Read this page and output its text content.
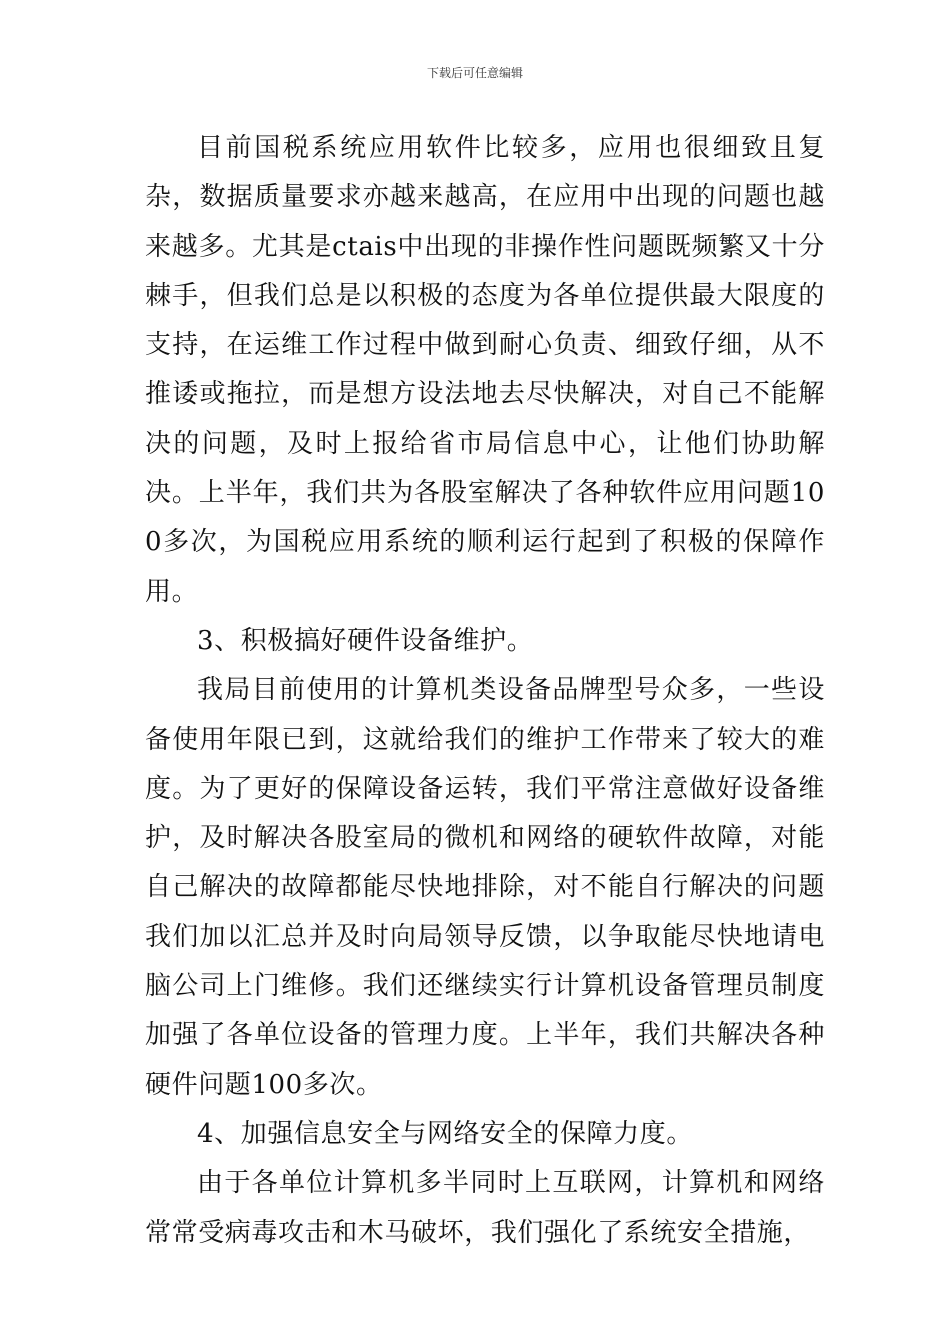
下载后可任意编辑

目前国税系统应用软件比较多，应用也很细致且复杂，数据质量要求亦越来越高，在应用中出现的问题也越来越多。尤其是ctais中出现的非操作性问题既频繁又十分棘手，但我们总是以积极的态度为各单位提供最大限度的支持，在运维工作过程中做到耐心负责、细致仔细，从不推诿或拖拉，而是想方设法地去尽快解决，对自己不能解决的问题，及时上报给省市局信息中心，让他们协助解决。上半年，我们共为各股室解决了各种软件应用问题100多次，为国税应用系统的顺利运行起到了积极的保障作用。

3、积极搞好硬件设备维护。

我局目前使用的计算机类设备品牌型号众多，一些设备使用年限已到，这就给我们的维护工作带来了较大的难度。为了更好的保障设备运转，我们平常注意做好设备维护，及时解决各股室局的微机和网络的硬软件故障，对能自己解决的故障都能尽快地排除，对不能自行解决的问题我们加以汇总并及时向局领导反馈，以争取能尽快地请电脑公司上门维修。我们还继续实行计算机设备管理员制度加强了各单位设备的管理力度。上半年，我们共解决各种硬件问题100多次。

4、加强信息安全与网络安全的保障力度。

由于各单位计算机多半同时上互联网，计算机和网络常常受病毒攻击和木马破坏，我们强化了系统安全措施，
